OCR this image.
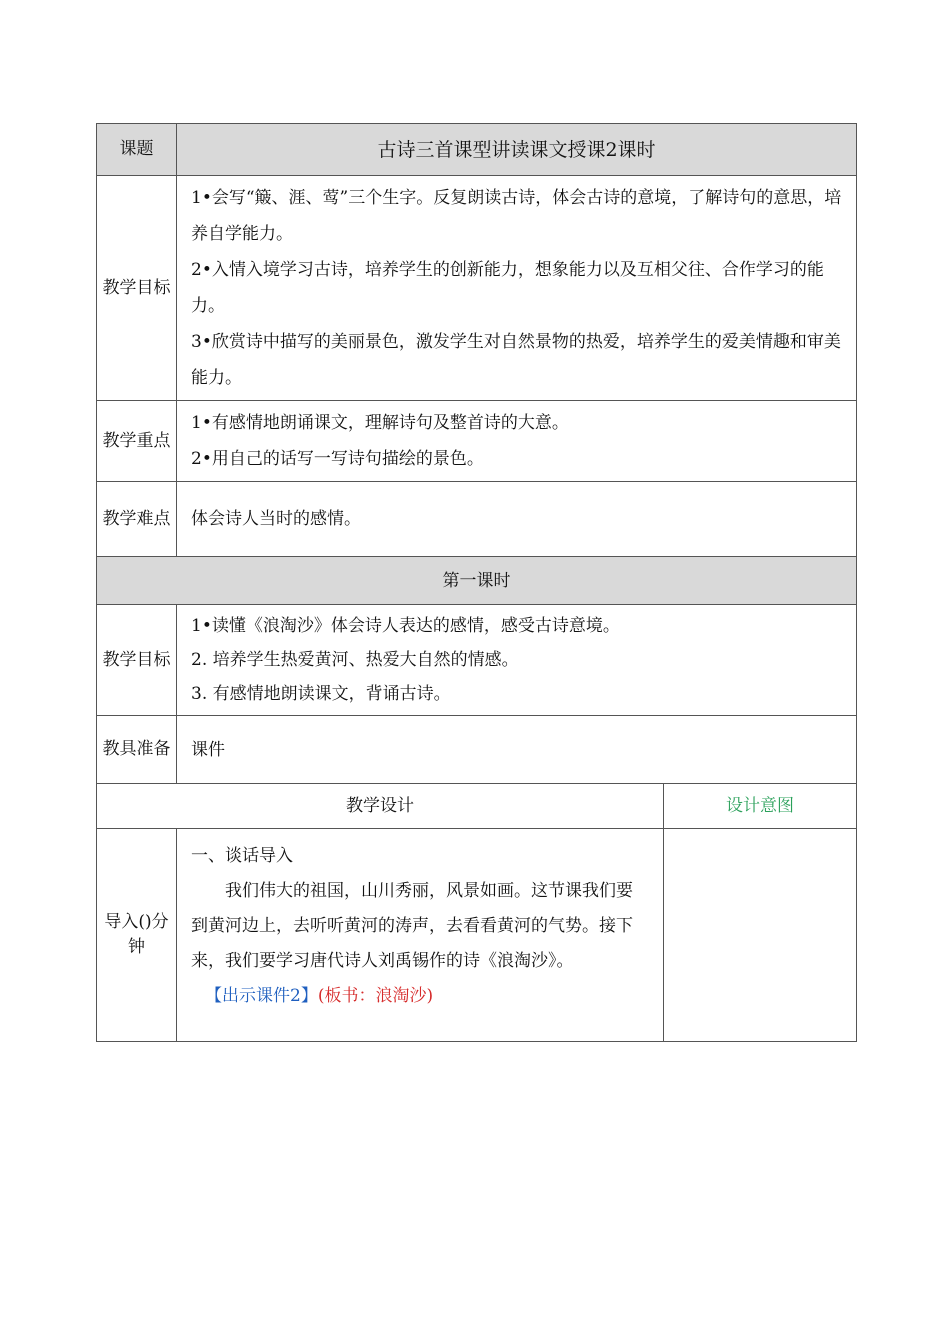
课题	古诗三首课型讲读课文授课2课时	
教学目标	1•会写“簸、涯、莺”三个生字。反复朗读古诗，体会古诗的意境，了解诗句的意思，培养自学能力。
2•入情入境学习古诗，培养学生的创新能力，想象能力以及互相父往、合作学习的能力。
3•欣赏诗中描写的美丽景色，激发学生对自然景物的热爱，培养学生的爱美情趣和审美能力。	

教学重点	1•有感情地朗诵课文，理解诗句及整首诗的大意。
2•用自己的话写一写诗句描绘的景色。	

教学难点	体会诗人当时的感情。	
第一课时		
教学目标	1•读懂《浪淘沙》体会诗人表达的感情，感受古诗意境。
2. 培养学生热爱黄河、热爱大自然的情感。
3. 有感情地朗读课文，背诵古诗。	

教具准备	课件	
教学设计		设计意图
导入()分钟	一、谈话导入
我们伟大的祖国，山川秀丽，风景如画。这节课我们要到黄河边上，去听听黄河的涛声，去看看黄河的气势。接下来，我们要学习唐代诗人刘禹锡作的诗《浪淘沙》。
【出示课件2】(板书：浪淘沙)	
